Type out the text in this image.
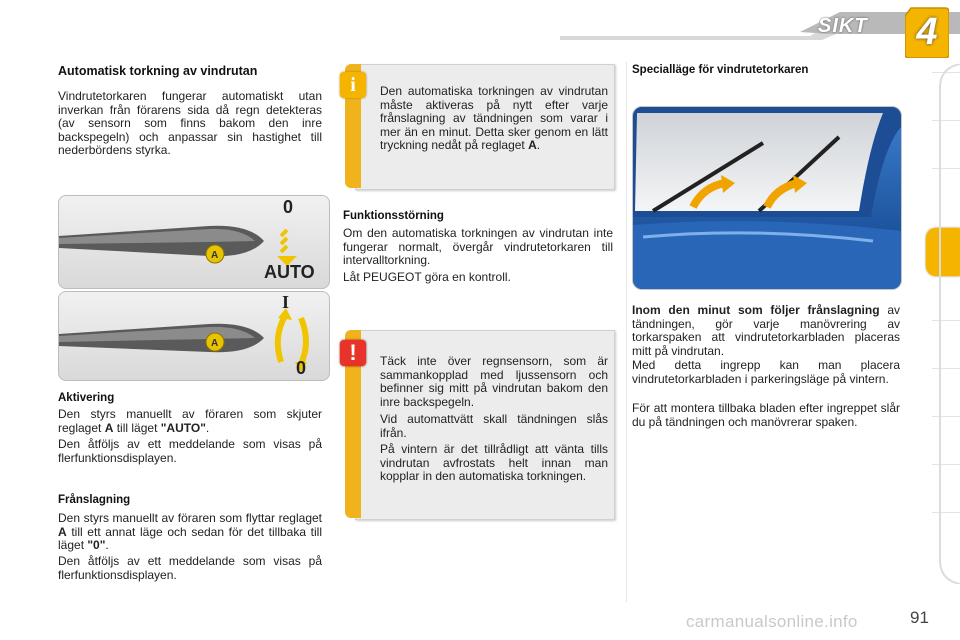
SIKT	4
Automatisk torkning av vindrutan

Vindrutetorkaren fungerar automatiskt utan inverkan från förarens sida då regn detekteras (av sensorn som finns bakom den inre backspegeln) och anpassar sin hastighet till nederbördens styrka.

A
0
AUTO
A
I
0
Aktivering

Den styrs manuellt av föraren som skjuter reglaget A till läget "AUTO".

Den åtföljs av ett meddelande som visas på flerfunktionsdisplayen.

Frånslagning

Den styrs manuellt av föraren som flyttar reglaget A till ett annat läge och sedan för det tillbaka till läget "0".

Den åtföljs av ett meddelande som visas på flerfunktionsdisplayen.

Den automatiska torkningen av vindrutan måste aktiveras på nytt efter varje frånslagning av tändningen som varar i mer än en minut. Detta sker genom en lätt tryckning nedåt på reglaget A.

i
Funktionsstörning

Om den automatiska torkningen av vindrutan inte fungerar normalt, övergår vindrutetorkaren till intervalltorkning.

Låt PEUGEOT göra en kontroll.

Täck inte över regnsensorn, som är sammankopplad med ljussensorn och befinner sig mitt på vindrutan bakom den inre backspegeln.

Vid automattvätt skall tändningen slås ifrån.

På vintern är det tillrådligt att vänta tills vindrutan avfrostats helt innan man kopplar in den automatiska torkningen.

!
Specialläge för vindrutetorkaren

Inom den minut som följer frånslagning av tändningen, gör varje manövrering av torkarspaken att vindrutetorkarbladen placeras mitt på vindrutan.

Med detta ingrepp kan man placera vindrutetorkarbladen i parkeringsläge på vintern.

För att montera tillbaka bladen efter ingreppet slår du på tändningen och manövrerar spaken.

91
carmanualsonline.info
